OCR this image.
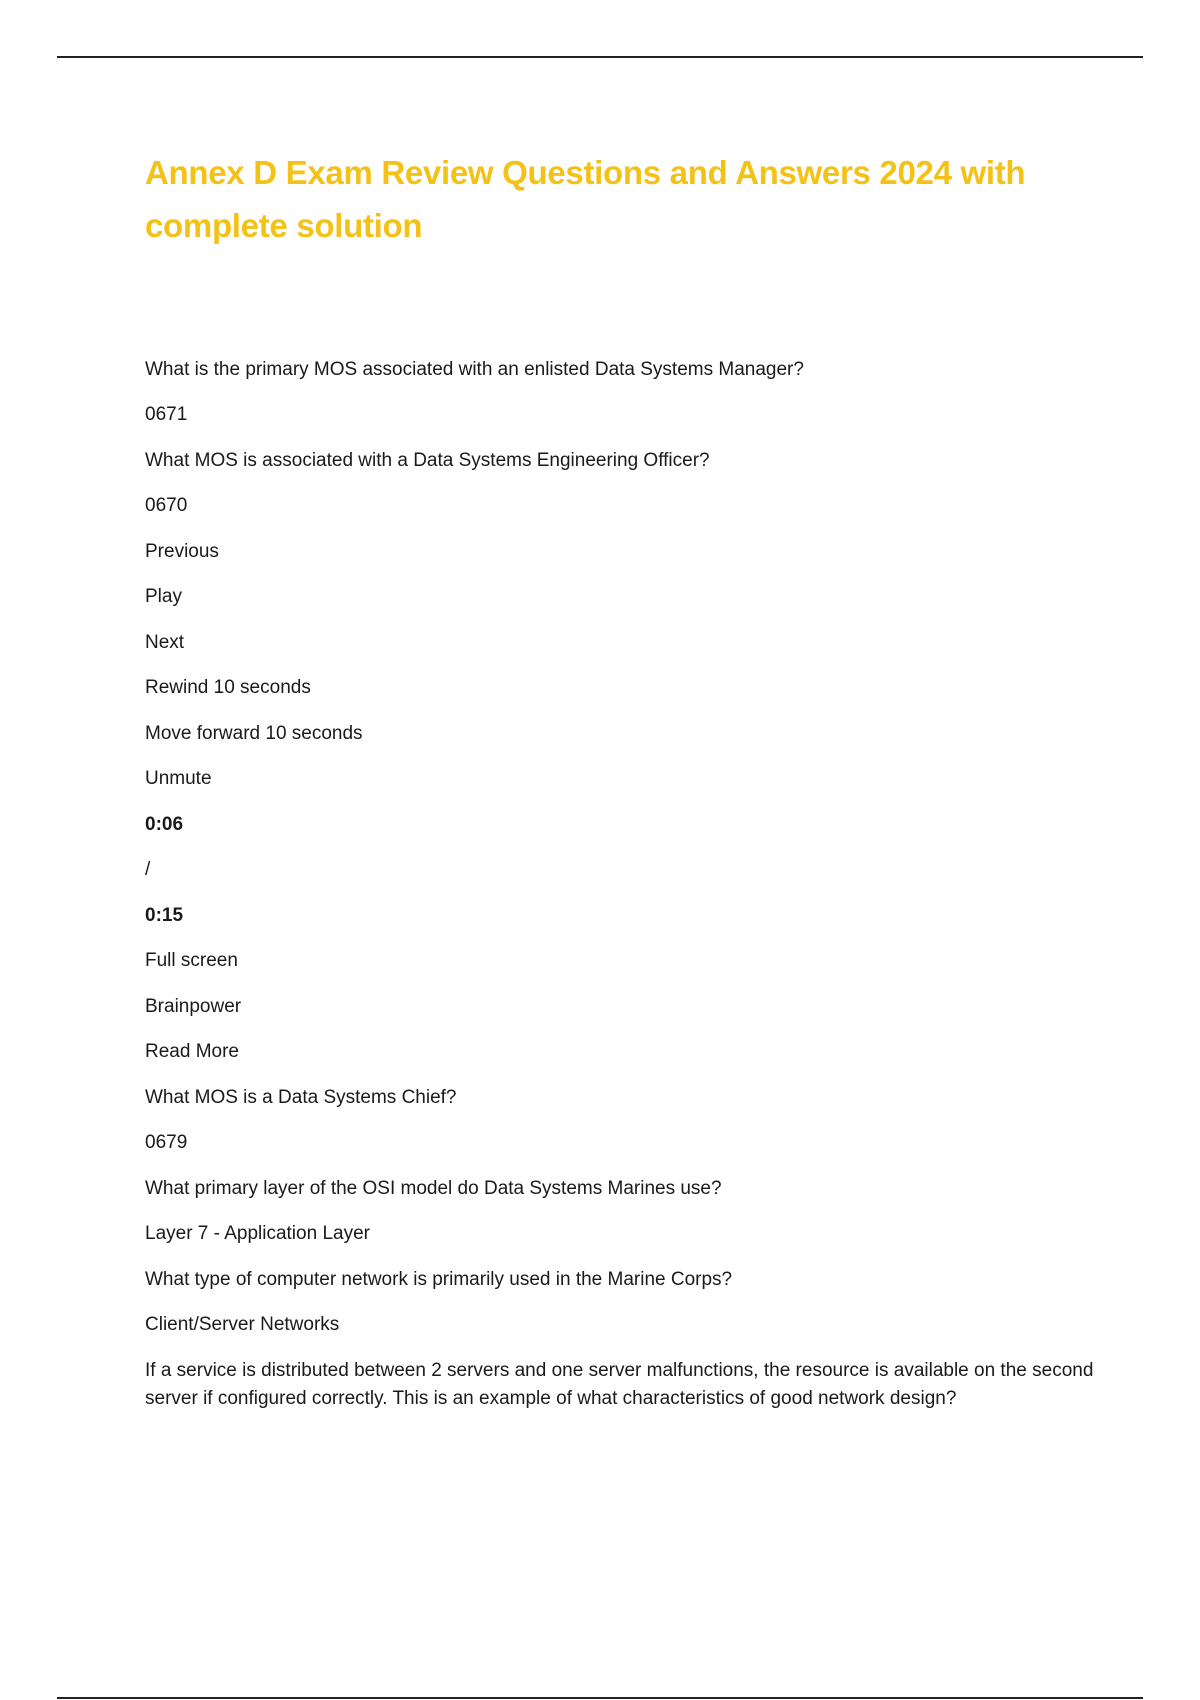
Annex D Exam Review Questions and Answers 2024 with complete solution

What is the primary MOS associated with an enlisted Data Systems Manager?

0671

What MOS is associated with a Data Systems Engineering Officer?

0670

Previous

Play

Next

Rewind 10 seconds

Move forward 10 seconds

Unmute

0:06

/

0:15

Full screen

Brainpower

Read More

What MOS is a Data Systems Chief?

0679

What primary layer of the OSI model do Data Systems Marines use?

Layer 7 - Application Layer

What type of computer network is primarily used in the Marine Corps?

Client/Server Networks

If a service is distributed between 2 servers and one server malfunctions, the resource is available on the second server if configured correctly. This is an example of what characteristics of good network design?
